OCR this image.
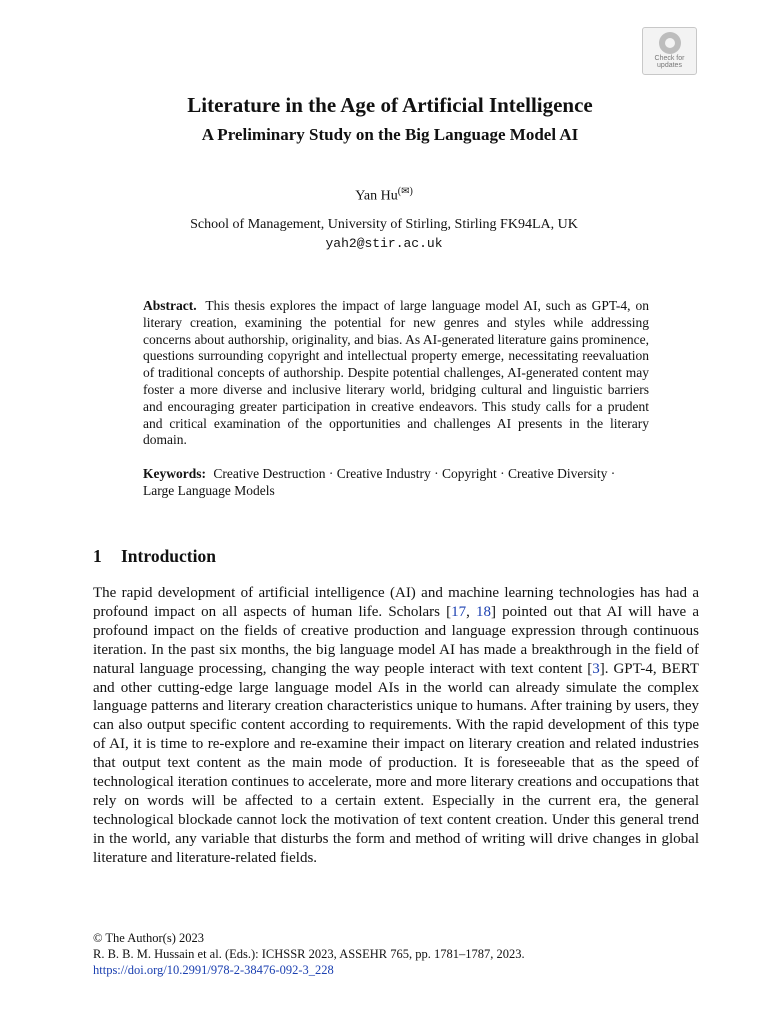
Check for
updates
Literature in the Age of Artificial Intelligence
A Preliminary Study on the Big Language Model AI
Yan Hu(✉)
School of Management, University of Stirling, Stirling FK94LA, UK
yah2@stir.ac.uk
Abstract. This thesis explores the impact of large language model AI, such as GPT-4, on literary creation, examining the potential for new genres and styles while addressing concerns about authorship, originality, and bias. As AI-generated literature gains prominence, questions surrounding copyright and intellectual property emerge, necessitating reevaluation of traditional concepts of authorship. Despite potential challenges, AI-generated content may foster a more diverse and inclusive literary world, bridging cultural and linguistic barriers and encouraging greater participation in creative endeavors. This study calls for a prudent and critical examination of the opportunities and challenges AI presents in the literary domain.
Keywords: Creative Destruction · Creative Industry · Copyright · Creative Diversity · Large Language Models
1 Introduction

The rapid development of artificial intelligence (AI) and machine learning technologies has had a profound impact on all aspects of human life. Scholars [17, 18] pointed out that AI will have a profound impact on the fields of creative production and language expression through continuous iteration. In the past six months, the big language model AI has made a breakthrough in the field of natural language processing, changing the way people interact with text content [3]. GPT-4, BERT and other cutting-edge large language model AIs in the world can already simulate the complex language patterns and literary creation characteristics unique to humans. After training by users, they can also output specific content according to requirements. With the rapid development of this type of AI, it is time to re-explore and re-examine their impact on literary creation and related industries that output text content as the main mode of production. It is foreseeable that as the speed of technological iteration continues to accelerate, more and more literary creations and occupations that rely on words will be affected to a certain extent. Especially in the current era, the general technological blockade cannot lock the motivation of text content creation. Under this general trend in the world, any variable that disturbs the form and method of writing will drive changes in global literature and literature-related fields.

© The Author(s) 2023
R. B. B. M. Hussain et al. (Eds.): ICHSSR 2023, ASSEHR 765, pp. 1781–1787, 2023.
https://doi.org/10.2991/978-2-38476-092-3_228
